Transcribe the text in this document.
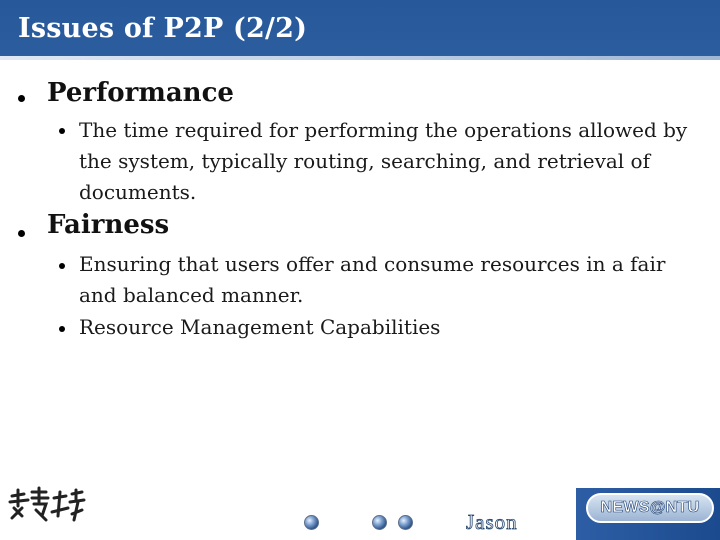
Issues of P2P (2/2)
Performance
The time required for performing the operations allowed by the system, typically routing, searching, and retrieval of documents.
Fairness
Ensuring that users offer and consume resources in a fair and balanced manner.
Resource Management Capabilities
Jason
NEWS@NTU
